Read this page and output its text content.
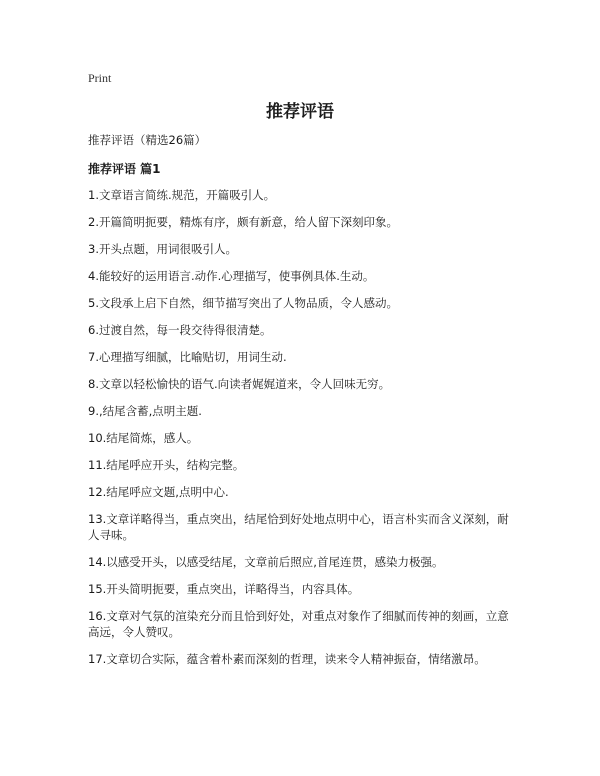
Print
推荐评语

推荐评语（精选26篇）

推荐评语 篇1
1.文章语言简练.规范，开篇吸引人。
2.开篇简明扼要，精炼有序，颇有新意，给人留下深刻印象。
3.开头点题，用词很吸引人。
4.能较好的运用语言.动作.心理描写，使事例具体.生动。
5.文段承上启下自然，细节描写突出了人物品质，令人感动。
6.过渡自然，每一段交待得很清楚。
7.心理描写细腻，比喻贴切，用词生动.
8.文章以轻松愉快的语气.向读者娓娓道来，令人回味无穷。
9.,结尾含蓄,点明主题.
10.结尾简炼，感人。
11.结尾呼应开头，结构完整。
12.结尾呼应文题,点明中心.
13.文章详略得当，重点突出，结尾恰到好处地点明中心，语言朴实而含义深刻，耐人寻味。
14.以感受开头，以感受结尾，文章前后照应,首尾连贯，感染力极强。
15.开头简明扼要，重点突出，详略得当，内容具体。
16.文章对气氛的渲染充分而且恰到好处，对重点对象作了细腻而传神的刻画，立意高远，令人赞叹。
17.文章切合实际，蕴含着朴素而深刻的哲理，读来令人精神振奋，情绪激昂。
